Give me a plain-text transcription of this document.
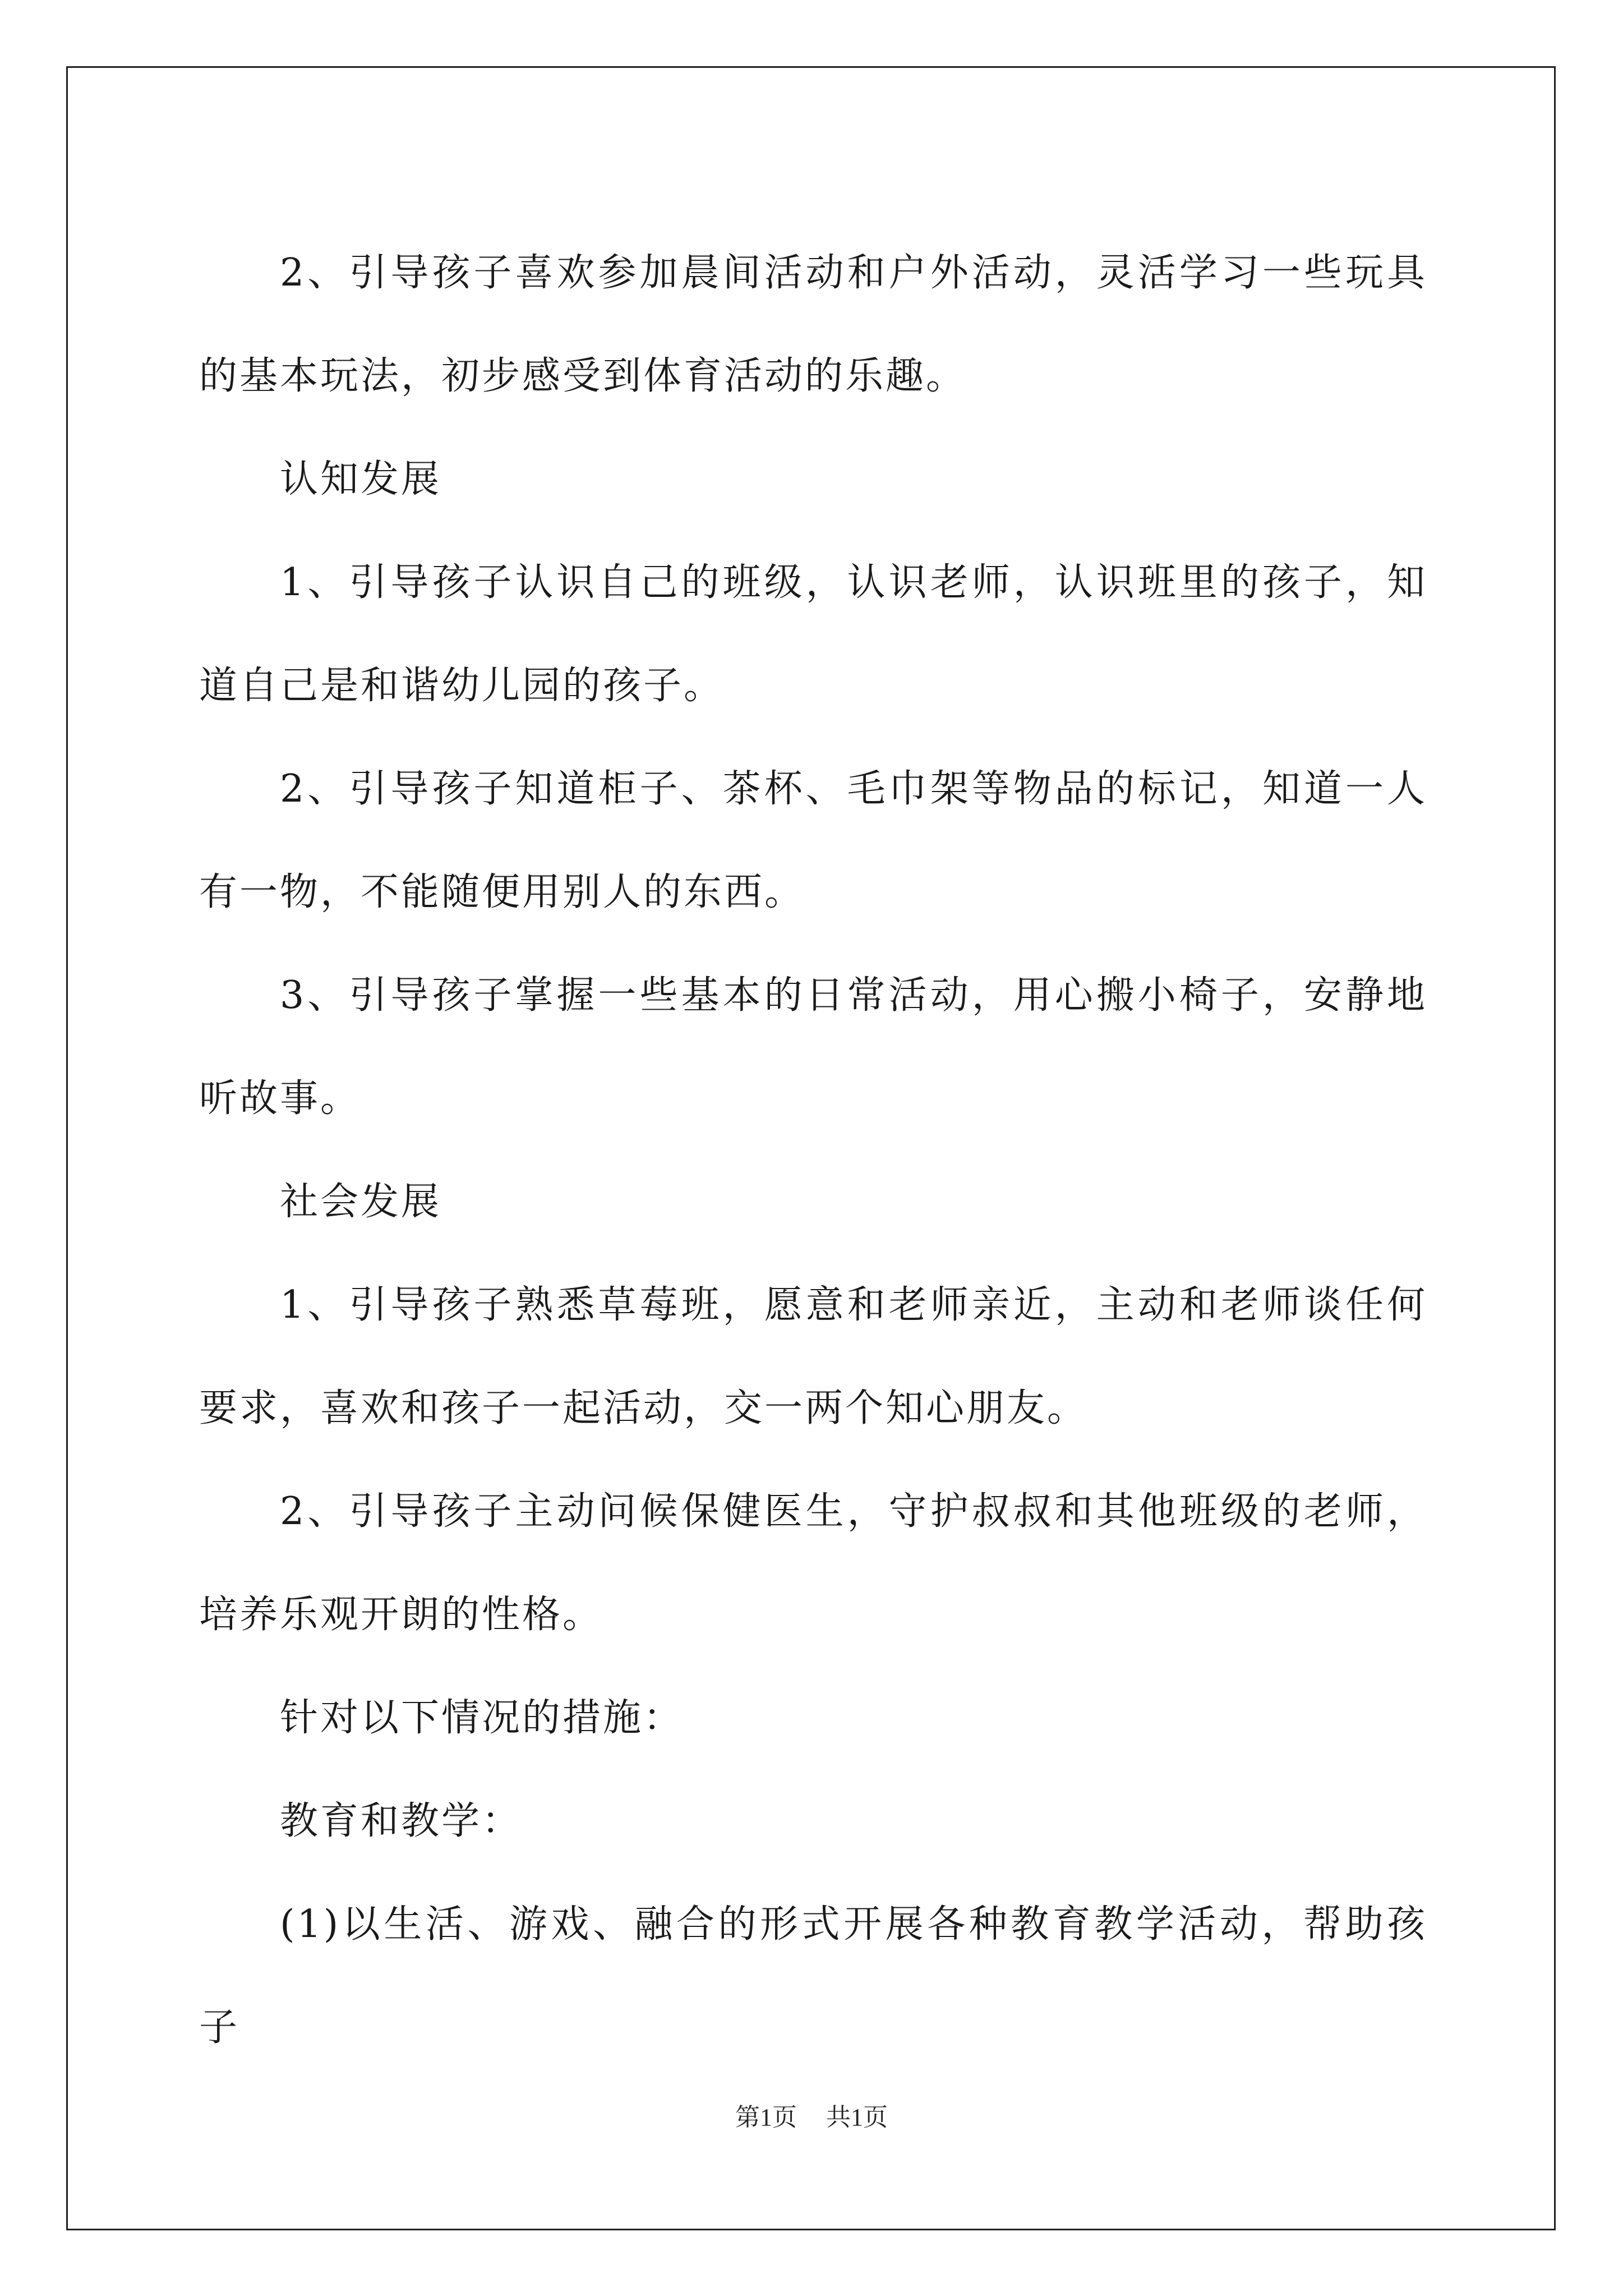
2、引导孩子喜欢参加晨间活动和户外活动，灵活学习一些玩具的基本玩法，初步感受到体育活动的乐趣。

认知发展

1、引导孩子认识自己的班级，认识老师，认识班里的孩子，知道自己是和谐幼儿园的孩子。

2、引导孩子知道柜子、茶杯、毛巾架等物品的标记，知道一人有一物，不能随便用别人的东西。

3、引导孩子掌握一些基本的日常活动，用心搬小椅子，安静地听故事。

社会发展

1、引导孩子熟悉草莓班，愿意和老师亲近，主动和老师谈任何要求，喜欢和孩子一起活动，交一两个知心朋友。

2、引导孩子主动问候保健医生，守护叔叔和其他班级的老师，培养乐观开朗的性格。

针对以下情况的措施：

教育和教学：

(1)以生活、游戏、融合的形式开展各种教育教学活动，帮助孩子

第1页 共1页
